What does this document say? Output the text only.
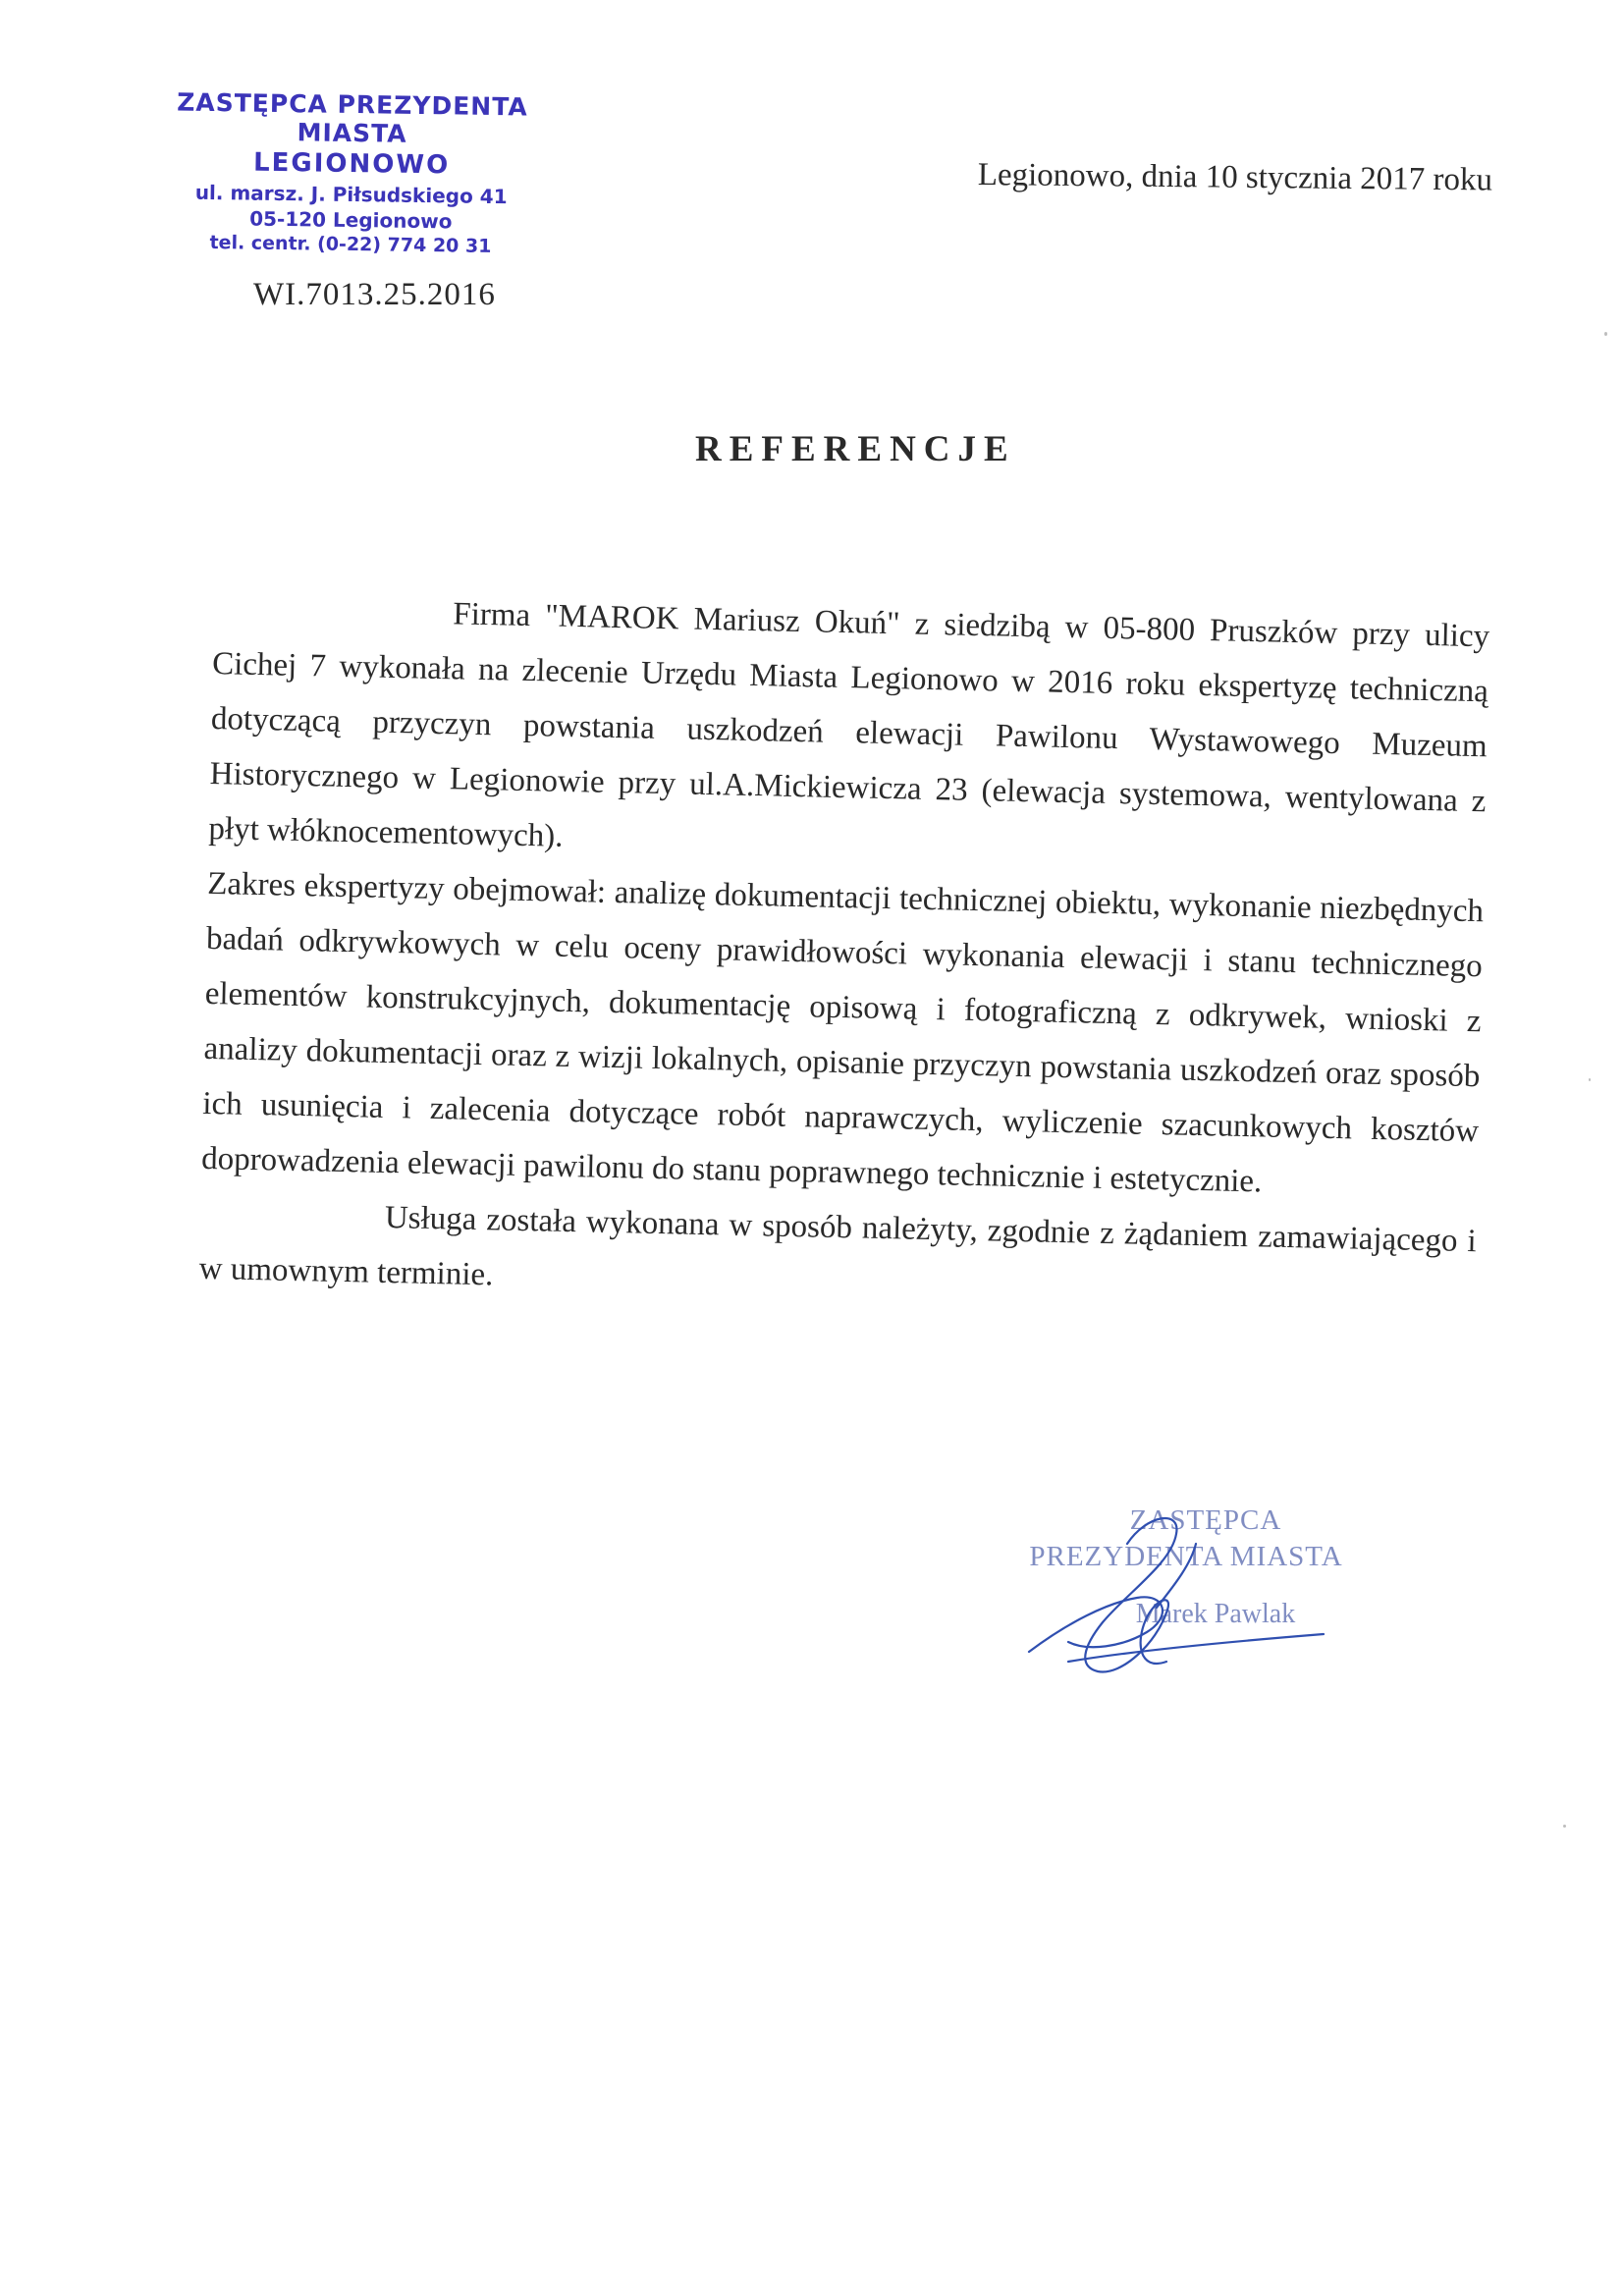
ZASTĘPCA PREZYDENTA MIASTA
LEGIONOWO
ul. marsz. J. Piłsudskiego 41
05-120 Legionowo
tel. centr. (0-22) 774 20 31
Legionowo, dnia 10 stycznia 2017 roku
WI.7013.25.2016
REFERENCJE

Firma "MAROK Mariusz Okuń" z siedzibą w 05-800 Pruszków przy ulicy Cichej 7 wykonała na zlecenie Urzędu Miasta Legionowo w 2016 roku ekspertyzę techniczną dotyczącą przyczyn powstania uszkodzeń elewacji Pawilonu Wystawowego Muzeum Historycznego w Legionowie przy ul.A.Mickiewicza 23 (elewacja systemowa, wentylowana z płyt włóknocementowych).

Zakres ekspertyzy obejmował: analizę dokumentacji technicznej obiektu, wykonanie niezbędnych badań odkrywkowych w celu oceny prawidłowości wykonania elewacji i stanu technicznego elementów konstrukcyjnych, dokumentację opisową i fotograficzną z odkrywek, wnioski z analizy dokumentacji oraz z wizji lokalnych, opisanie przyczyn powstania uszkodzeń oraz sposób ich usunięcia i zalecenia dotyczące robót naprawczych, wyliczenie szacunkowych kosztów doprowadzenia elewacji pawilonu do stanu poprawnego technicznie i estetycznie.

Usługa została wykonana w sposób należyty, zgodnie z żądaniem zamawiającego i w umownym terminie.

ZASTĘPCA
PREZYDENTA MIASTA
Marek Pawlak
